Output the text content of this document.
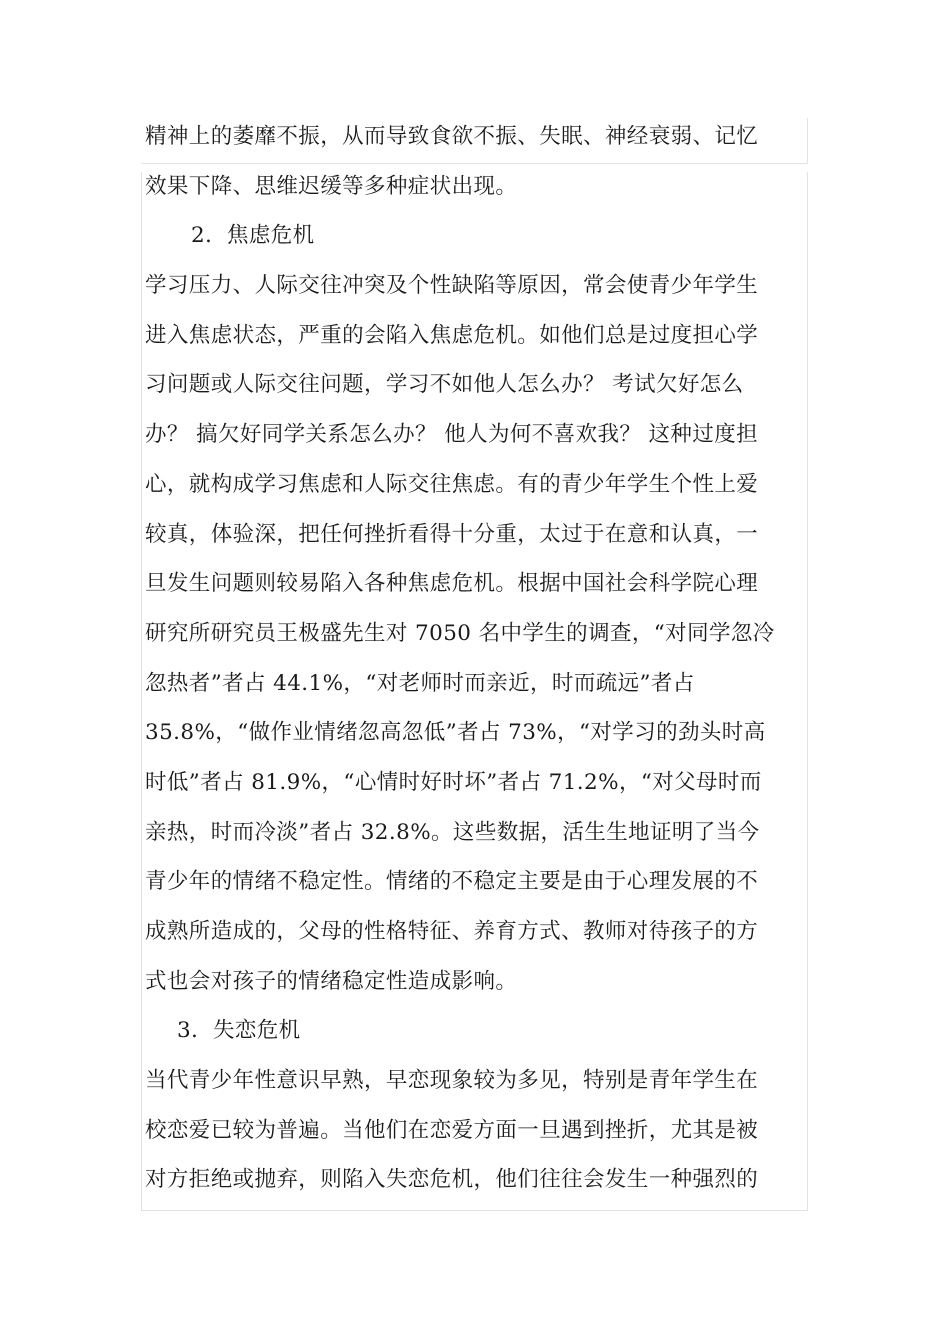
精神上的萎靡不振，从而导致食欲不振、失眠、神经衰弱、记忆
效果下降、思维迟缓等多种症状出现。
2．焦虑危机
学习压力、人际交往冲突及个性缺陷等原因，常会使青少年学生
进入焦虑状态，严重的会陷入焦虑危机。如他们总是过度担心学
习问题或人际交往问题，学习不如他人怎么办？ 考试欠好怎么
办？ 搞欠好同学关系怎么办？ 他人为何不喜欢我？ 这种过度担
心，就构成学习焦虑和人际交往焦虑。有的青少年学生个性上爱
较真，体验深，把任何挫折看得十分重，太过于在意和认真，一
旦发生问题则较易陷入各种焦虑危机。根据中国社会科学院心理
研究所研究员王极盛先生对 7050 名中学生的调查，“对同学忽冷
忽热者”者占 44.1%，“对老师时而亲近，时而疏远”者占
35.8%，“做作业情绪忽高忽低”者占 73%，“对学习的劲头时高
时低”者占 81.9%，“心情时好时坏”者占 71.2%，“对父母时而
亲热，时而冷淡”者占 32.8%。这些数据，活生生地证明了当今
青少年的情绪不稳定性。情绪的不稳定主要是由于心理发展的不
成熟所造成的，父母的性格特征、养育方式、教师对待孩子的方
式也会对孩子的情绪稳定性造成影响。
3．失恋危机
当代青少年性意识早熟，早恋现象较为多见，特别是青年学生在
校恋爱已较为普遍。当他们在恋爱方面一旦遇到挫折，尤其是被
对方拒绝或抛弃，则陷入失恋危机，他们往往会发生一种强烈的
